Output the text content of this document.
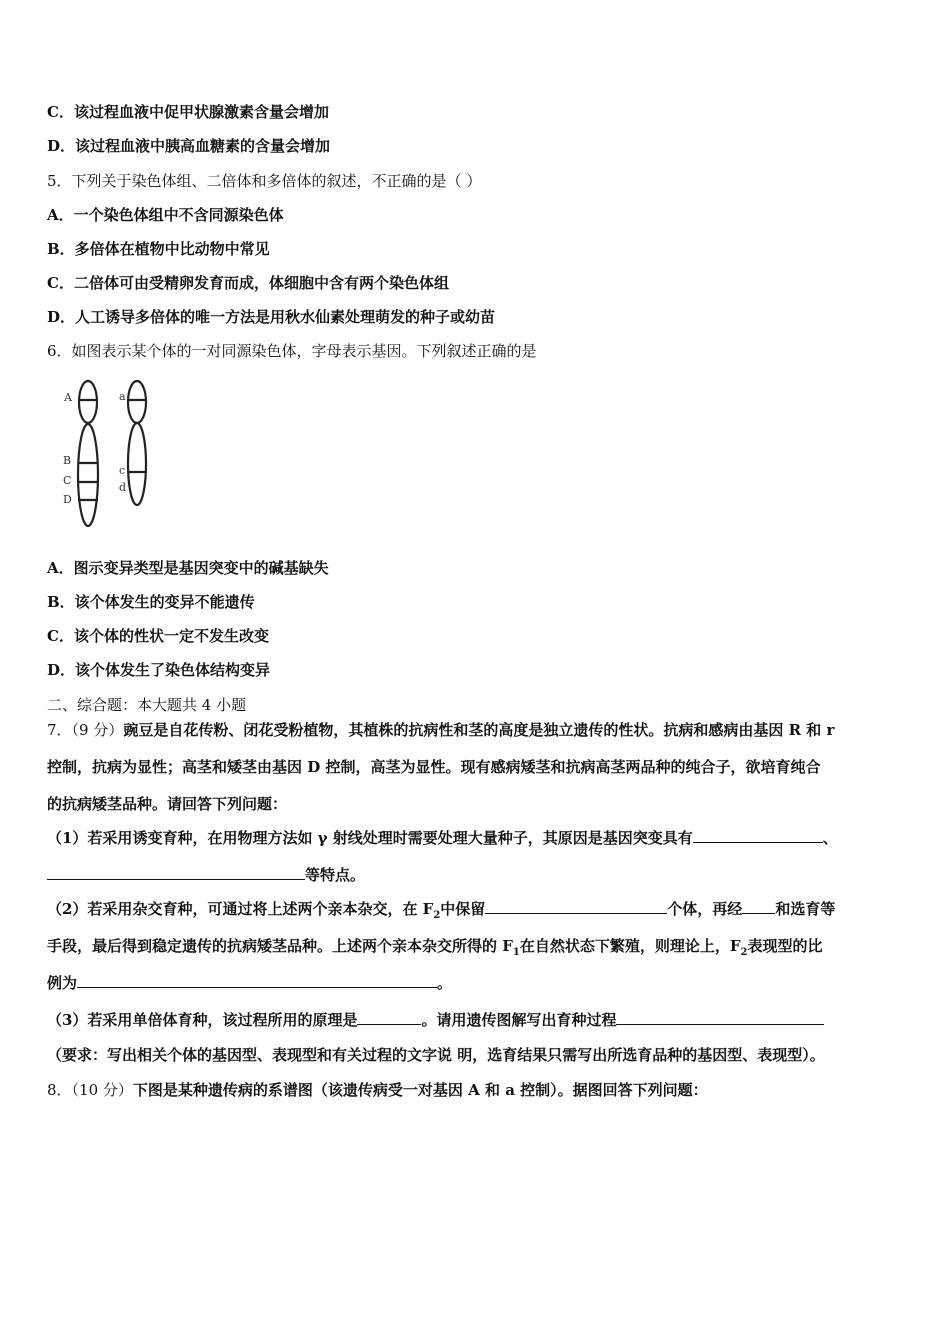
C．该过程血液中促甲状腺激素含量会增加
D．该过程血液中胰高血糖素的含量会增加
5．下列关于染色体组、二倍体和多倍体的叙述，不正确的是（ ）
A．一个染色体组中不含同源染色体
B．多倍体在植物中比动物中常见
C．二倍体可由受精卵发育而成，体细胞中含有两个染色体组
D．人工诱导多倍体的唯一方法是用秋水仙素处理萌发的种子或幼苗
6．如图表示某个体的一对同源染色体，字母表示基因。下列叙述正确的是
A
B
C
D
a
c
d
A．图示变异类型是基因突变中的碱基缺失
B．该个体发生的变异不能遗传
C．该个体的性状一定不发生改变
D．该个体发生了染色体结构变异
二、综合题：本大题共 4 小题
7．（9 分）豌豆是自花传粉、闭花受粉植物，其植株的抗病性和茎的高度是独立遗传的性状。抗病和感病由基因 R 和 r
控制，抗病为显性；高茎和矮茎由基因 D 控制，高茎为显性。现有感病矮茎和抗病高茎两品种的纯合子，欲培育纯合
的抗病矮茎品种。请回答下列问题：
（1）若采用诱变育种，在用物理方法如 γ 射线处理时需要处理大量种子，其原因是基因突变具有	、
等特点。
（2）若采用杂交育种，可通过将上述两个亲本杂交，在 $F_2$中保留	个体，再经 和选育等
手段，最后得到稳定遗传的抗病矮茎品种。上述两个亲本杂交所得的 $F_1$在自然状态下繁殖，则理论上，$F_2$表现型的比
例为	。
（3）若采用单倍体育种，该过程所用的原理是	。请用遗传图解写出育种过程
（要求：写出相关个体的基因型、表现型和有关过程的文字说 明，选育结果只需写出所选育品种的基因型、表现型）。
8．（10 分）下图是某种遗传病的系谱图（该遗传病受一对基因 A 和 a 控制）。据图回答下列问题：
